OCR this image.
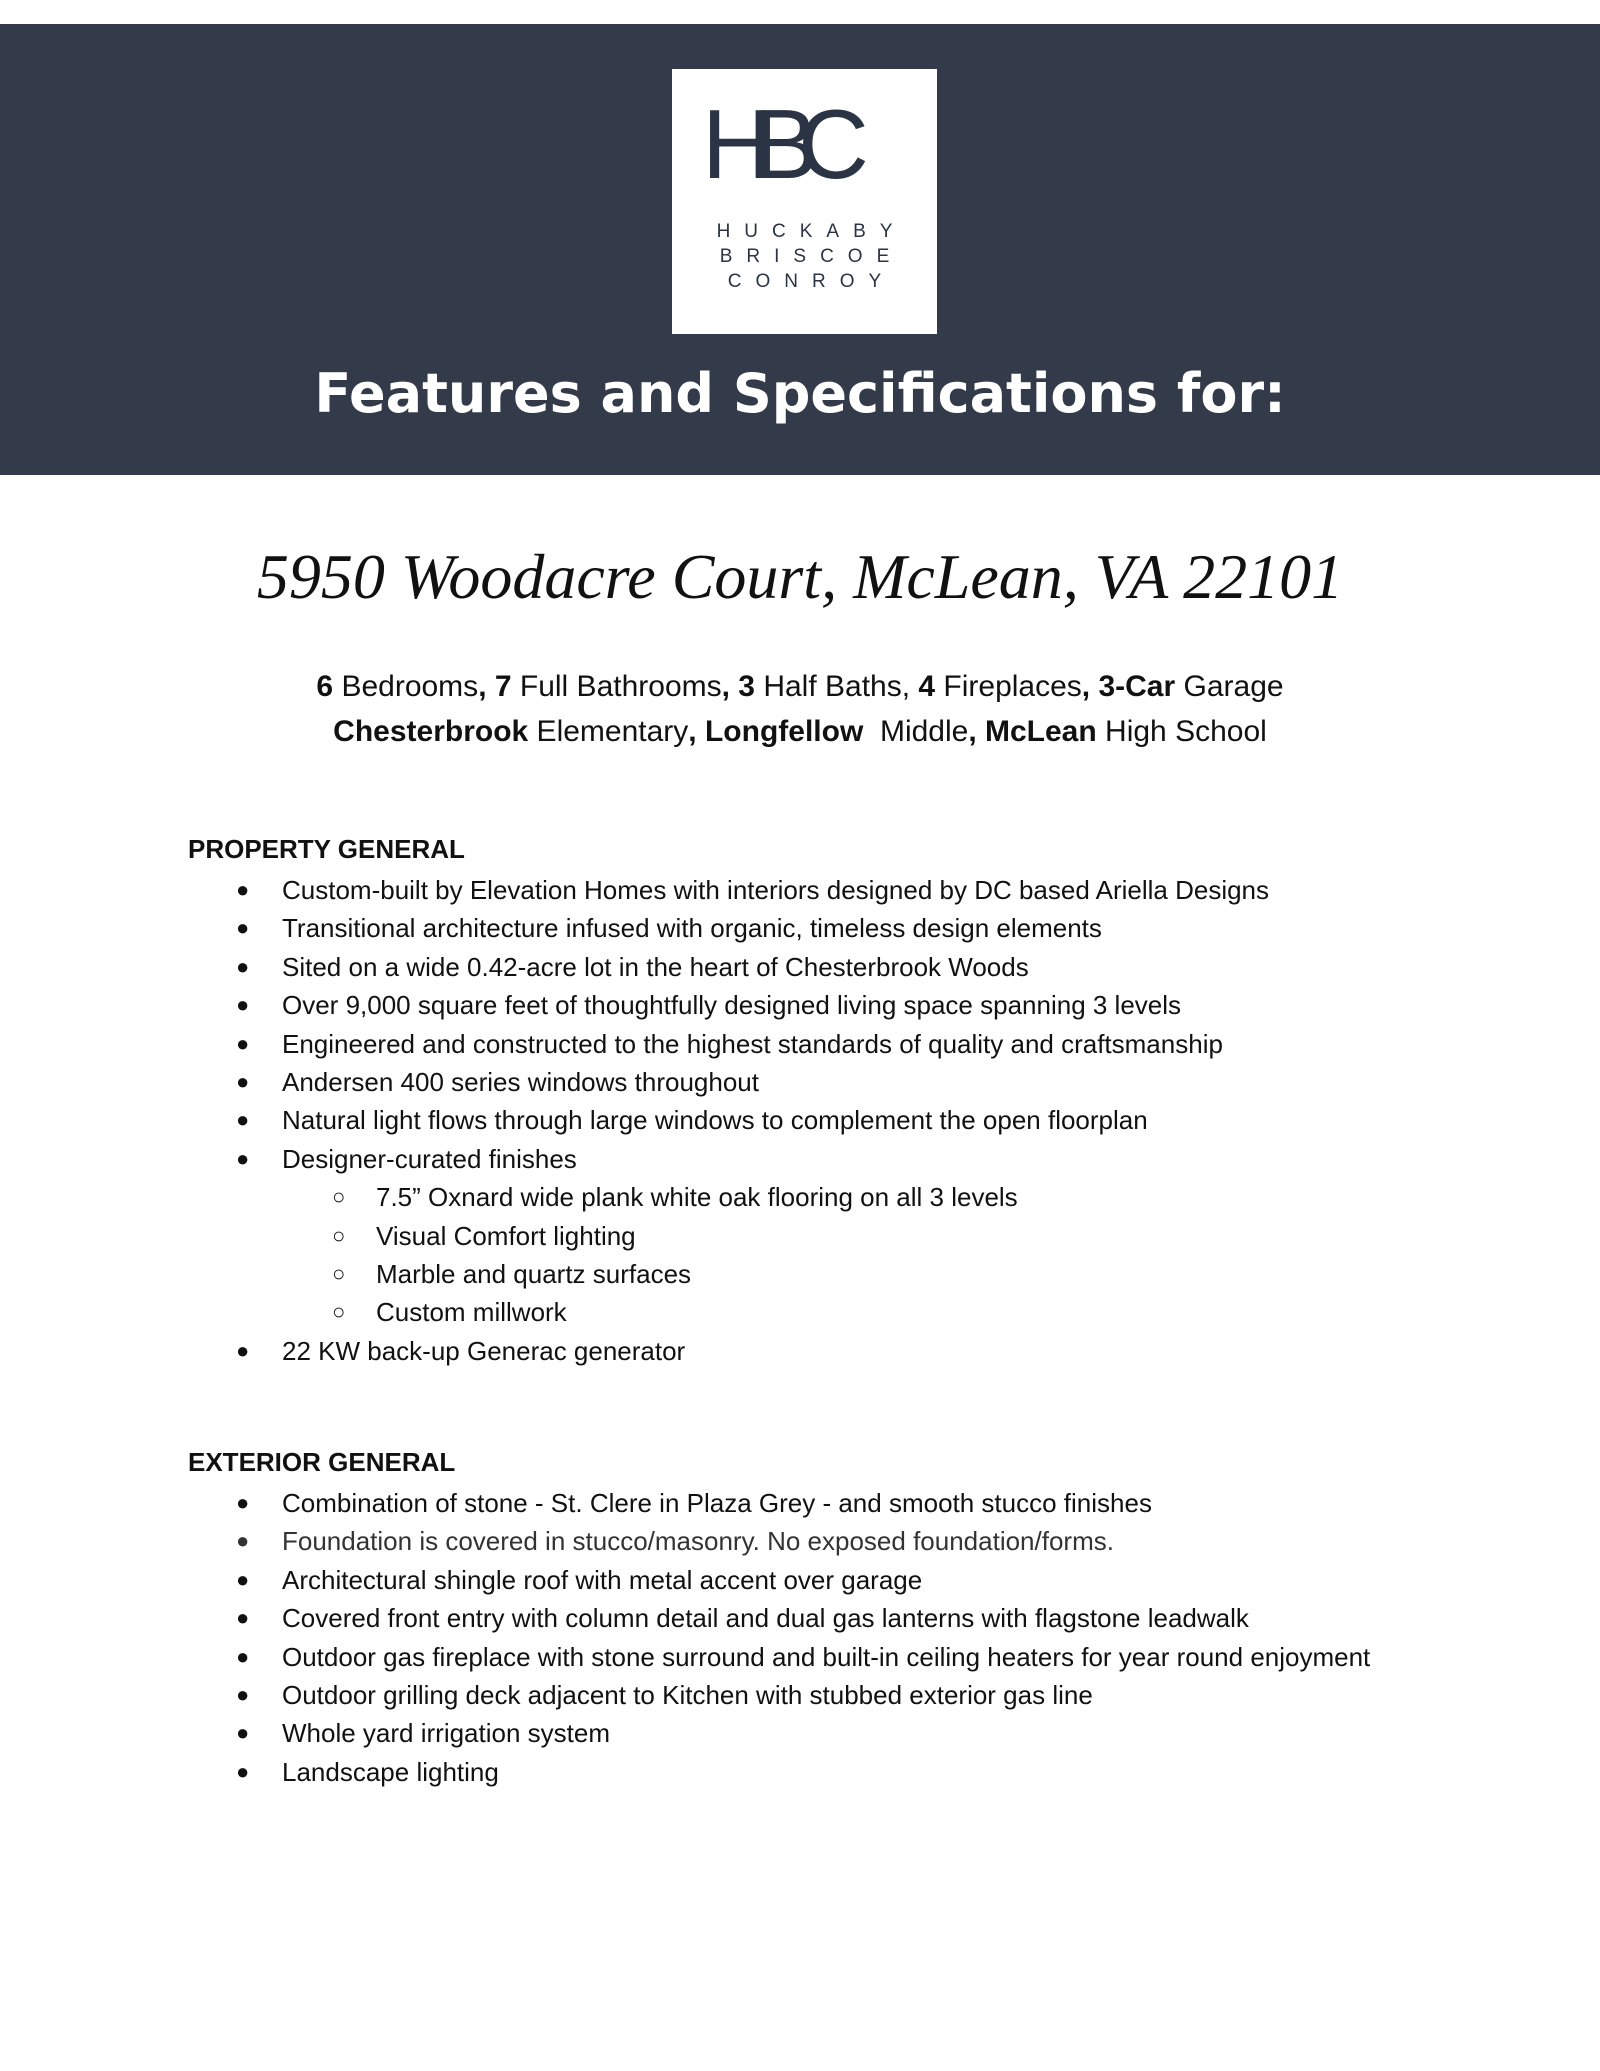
HBC
HUCKABY
BRISCOE
CONROY
Features and Specifications for:
5950 Woodacre Court, McLean, VA 22101
6 Bedrooms, 7 Full Bathrooms, 3 Half Baths, 4 Fireplaces, 3-Car Garage
Chesterbrook Elementary, Longfellow  Middle, McLean High School
PROPERTY GENERAL
● Custom-built by Elevation Homes with interiors designed by DC based Ariella Designs
● Transitional architecture infused with organic, timeless design elements
● Sited on a wide 0.42-acre lot in the heart of Chesterbrook Woods
● Over 9,000 square feet of thoughtfully designed living space spanning 3 levels
● Engineered and constructed to the highest standards of quality and craftsmanship
● Andersen 400 series windows throughout
● Natural light flows through large windows to complement the open floorplan
● Designer-curated finishes
○ 7.5” Oxnard wide plank white oak flooring on all 3 levels
○ Visual Comfort lighting
○ Marble and quartz surfaces
○ Custom millwork
● 22 KW back-up Generac generator
EXTERIOR GENERAL
● Combination of stone - St. Clere in Plaza Grey - and smooth stucco finishes
● Foundation is covered in stucco/masonry. No exposed foundation/forms.
● Architectural shingle roof with metal accent over garage
● Covered front entry with column detail and dual gas lanterns with flagstone leadwalk
● Outdoor gas fireplace with stone surround and built-in ceiling heaters for year round enjoyment
● Outdoor grilling deck adjacent to Kitchen with stubbed exterior gas line
● Whole yard irrigation system
● Landscape lighting
